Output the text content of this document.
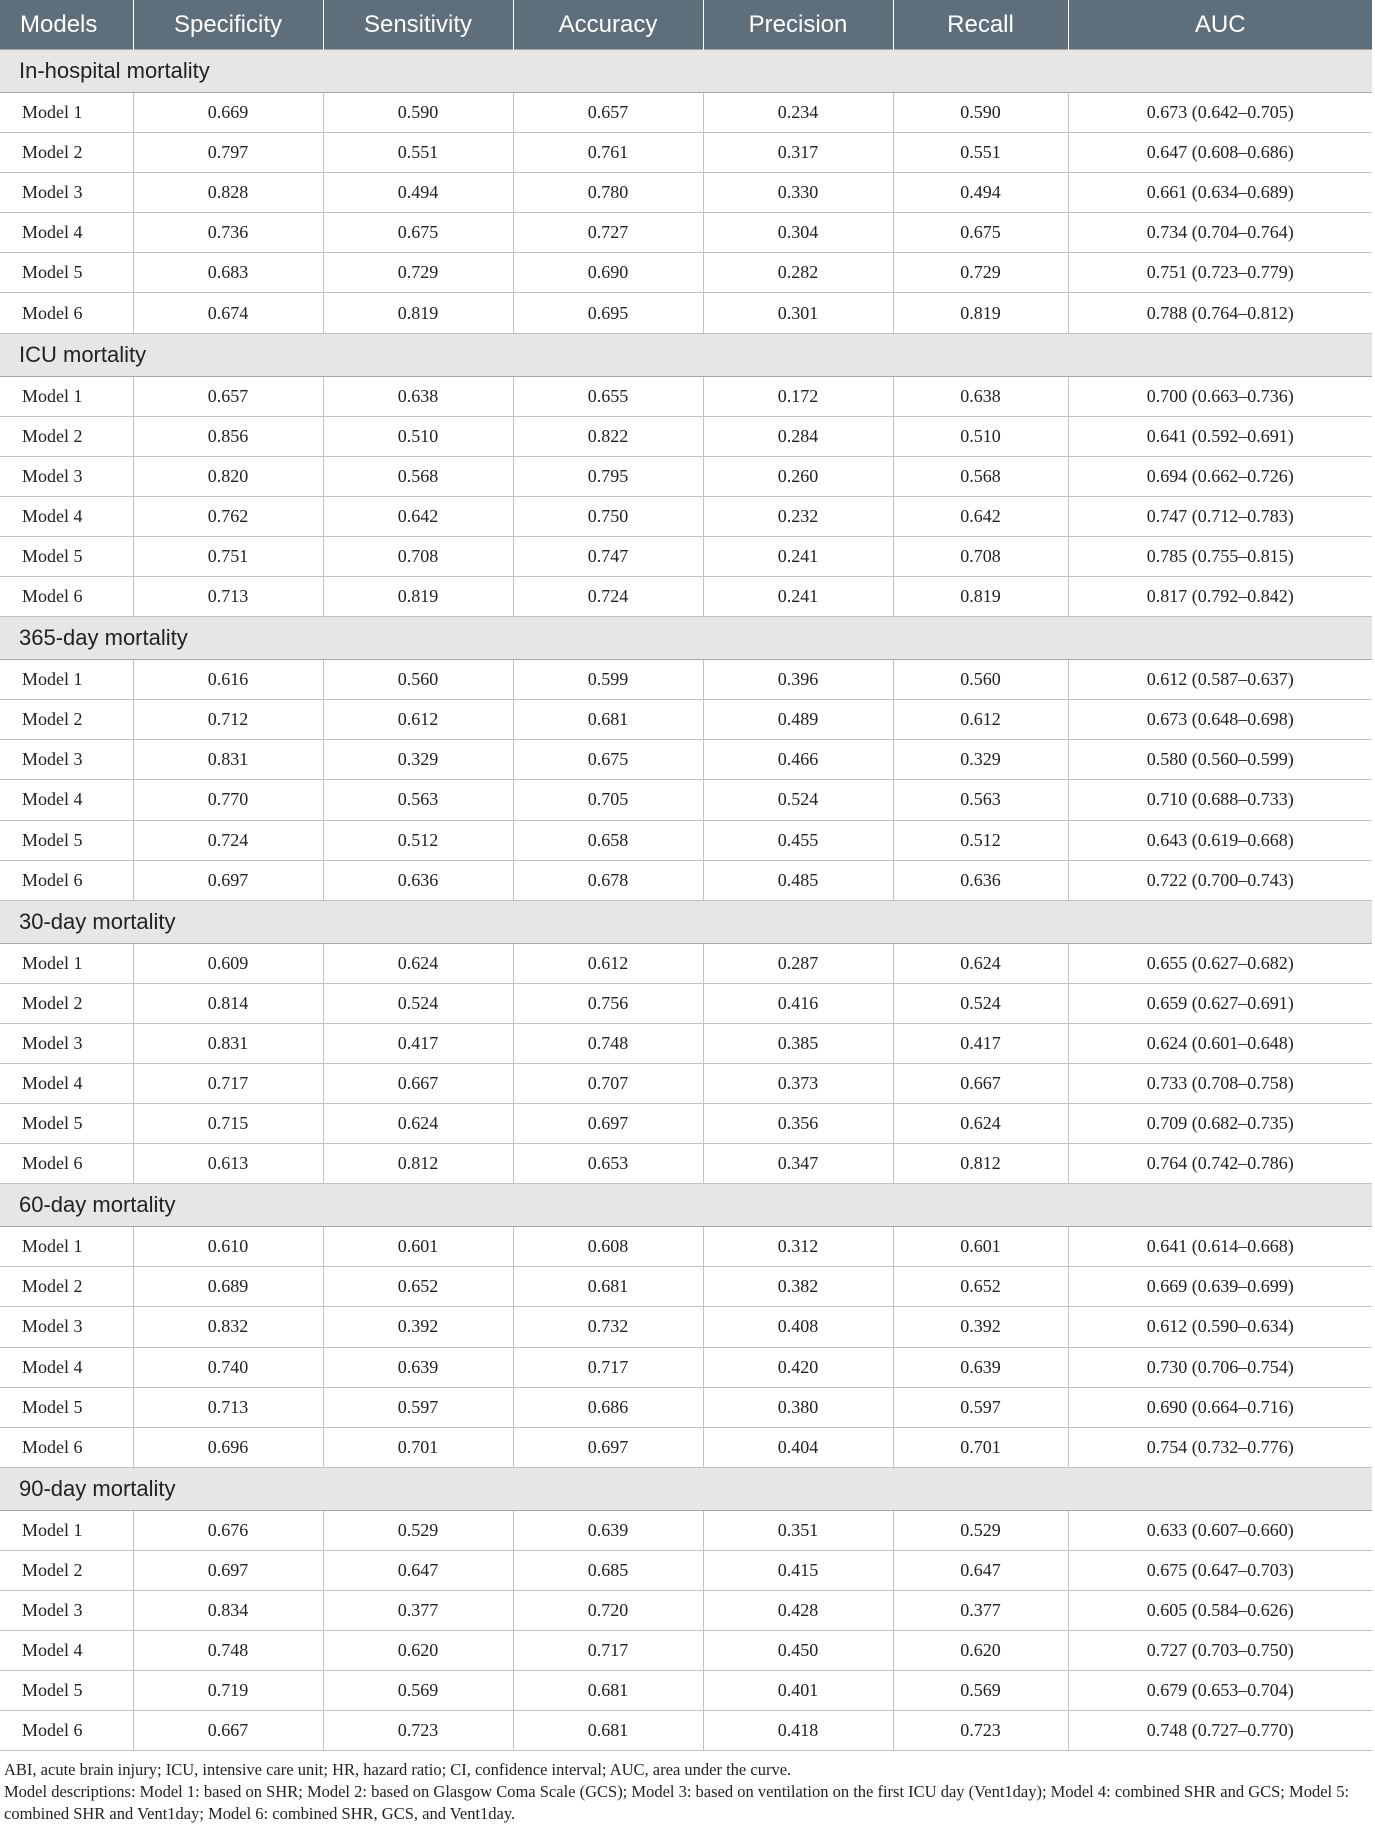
Models	Specificity	Sensitivity	Accuracy	Precision	Recall	AUC
In-hospital mortality						
Model 1	0.669	0.590	0.657	0.234	0.590	0.673 (0.642–0.705)
Model 2	0.797	0.551	0.761	0.317	0.551	0.647 (0.608–0.686)
Model 3	0.828	0.494	0.780	0.330	0.494	0.661 (0.634–0.689)
Model 4	0.736	0.675	0.727	0.304	0.675	0.734 (0.704–0.764)
Model 5	0.683	0.729	0.690	0.282	0.729	0.751 (0.723–0.779)
Model 6	0.674	0.819	0.695	0.301	0.819	0.788 (0.764–0.812)
ICU mortality						
Model 1	0.657	0.638	0.655	0.172	0.638	0.700 (0.663–0.736)
Model 2	0.856	0.510	0.822	0.284	0.510	0.641 (0.592–0.691)
Model 3	0.820	0.568	0.795	0.260	0.568	0.694 (0.662–0.726)
Model 4	0.762	0.642	0.750	0.232	0.642	0.747 (0.712–0.783)
Model 5	0.751	0.708	0.747	0.241	0.708	0.785 (0.755–0.815)
Model 6	0.713	0.819	0.724	0.241	0.819	0.817 (0.792–0.842)
365-day mortality						
Model 1	0.616	0.560	0.599	0.396	0.560	0.612 (0.587–0.637)
Model 2	0.712	0.612	0.681	0.489	0.612	0.673 (0.648–0.698)
Model 3	0.831	0.329	0.675	0.466	0.329	0.580 (0.560–0.599)
Model 4	0.770	0.563	0.705	0.524	0.563	0.710 (0.688–0.733)
Model 5	0.724	0.512	0.658	0.455	0.512	0.643 (0.619–0.668)
Model 6	0.697	0.636	0.678	0.485	0.636	0.722 (0.700–0.743)
30-day mortality						
Model 1	0.609	0.624	0.612	0.287	0.624	0.655 (0.627–0.682)
Model 2	0.814	0.524	0.756	0.416	0.524	0.659 (0.627–0.691)
Model 3	0.831	0.417	0.748	0.385	0.417	0.624 (0.601–0.648)
Model 4	0.717	0.667	0.707	0.373	0.667	0.733 (0.708–0.758)
Model 5	0.715	0.624	0.697	0.356	0.624	0.709 (0.682–0.735)
Model 6	0.613	0.812	0.653	0.347	0.812	0.764 (0.742–0.786)
60-day mortality						
Model 1	0.610	0.601	0.608	0.312	0.601	0.641 (0.614–0.668)
Model 2	0.689	0.652	0.681	0.382	0.652	0.669 (0.639–0.699)
Model 3	0.832	0.392	0.732	0.408	0.392	0.612 (0.590–0.634)
Model 4	0.740	0.639	0.717	0.420	0.639	0.730 (0.706–0.754)
Model 5	0.713	0.597	0.686	0.380	0.597	0.690 (0.664–0.716)
Model 6	0.696	0.701	0.697	0.404	0.701	0.754 (0.732–0.776)
90-day mortality						
Model 1	0.676	0.529	0.639	0.351	0.529	0.633 (0.607–0.660)
Model 2	0.697	0.647	0.685	0.415	0.647	0.675 (0.647–0.703)
Model 3	0.834	0.377	0.720	0.428	0.377	0.605 (0.584–0.626)
Model 4	0.748	0.620	0.717	0.450	0.620	0.727 (0.703–0.750)
Model 5	0.719	0.569	0.681	0.401	0.569	0.679 (0.653–0.704)
Model 6	0.667	0.723	0.681	0.418	0.723	0.748 (0.727–0.770)

ABI, acute brain injury; ICU, intensive care unit; HR, hazard ratio; CI, confidence interval; AUC, area under the curve.

Model descriptions: Model 1: based on SHR; Model 2: based on Glasgow Coma Scale (GCS); Model 3: based on ventilation on the first ICU day (Vent1day); Model 4: combined SHR and GCS; Model 5: combined SHR and Vent1day; Model 6: combined SHR, GCS, and Vent1day.
